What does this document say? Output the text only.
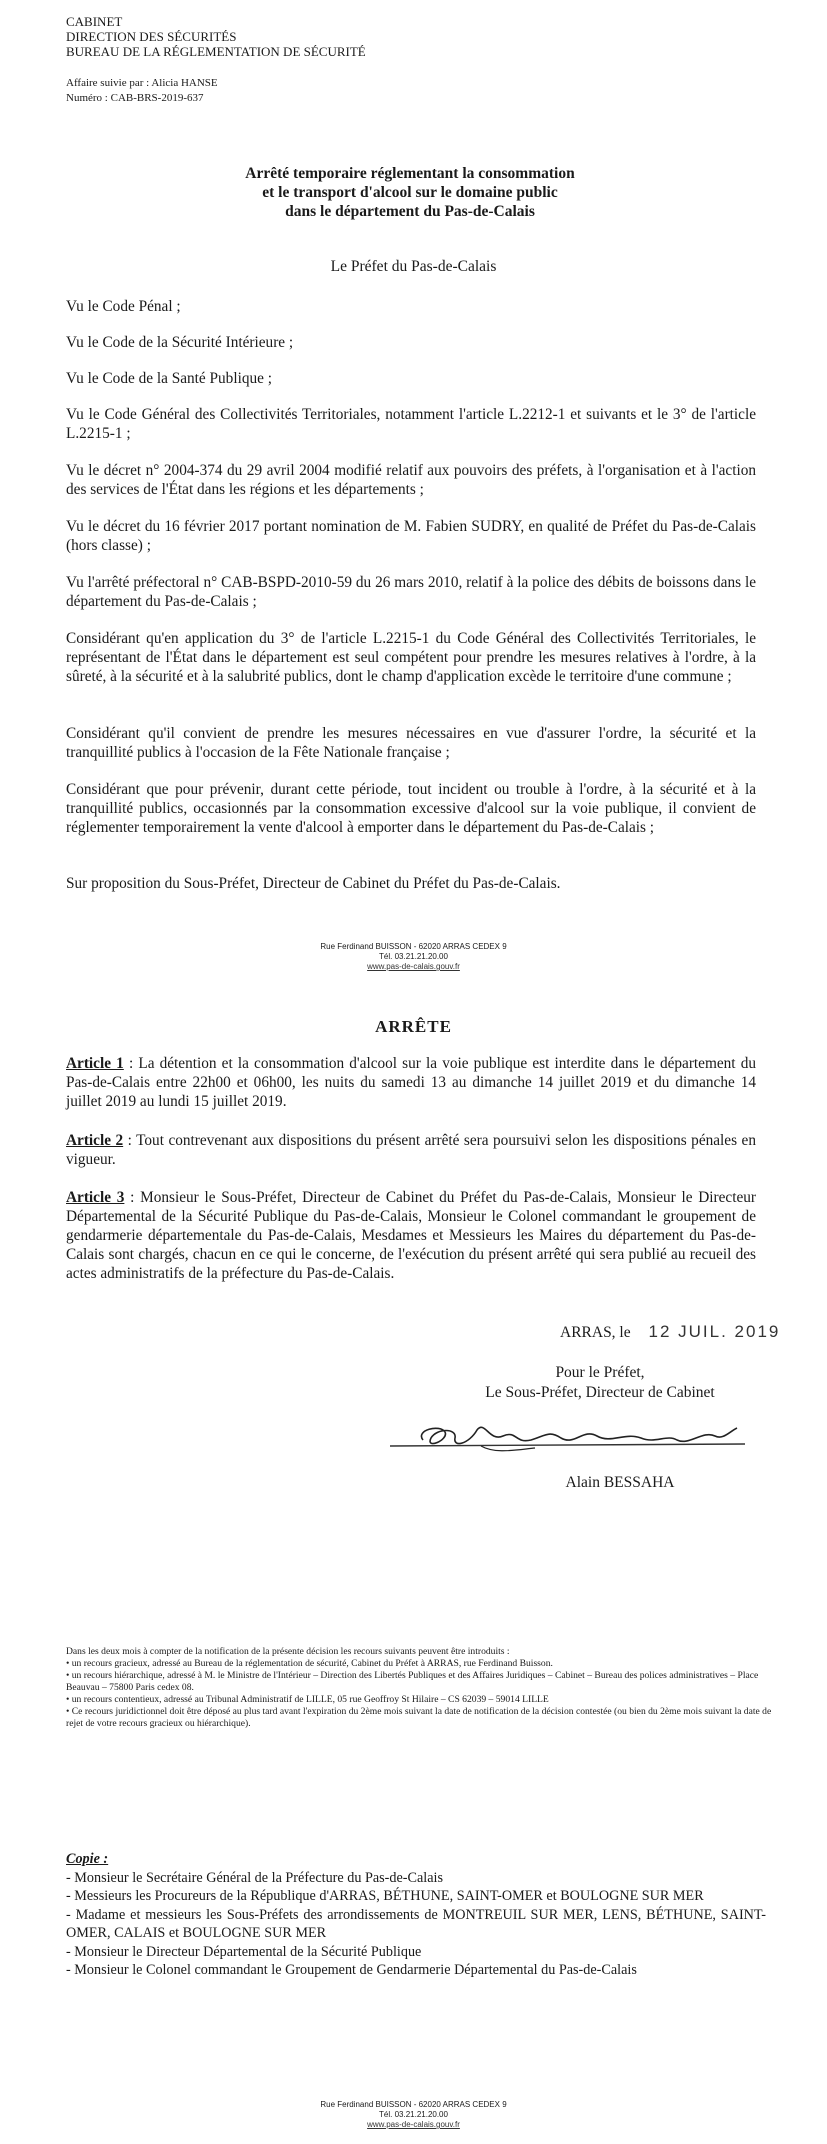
CABINET
DIRECTION DES SÉCURITÉS
BUREAU DE LA RÉGLEMENTATION DE SÉCURITÉ
Affaire suivie par : Alicia HANSE
Numéro : CAB-BRS-2019-637
Arrêté temporaire réglementant la consommation
et le transport d'alcool sur le domaine public
dans le département du Pas-de-Calais
Le Préfet du Pas-de-Calais
Vu le Code Pénal ;
Vu le Code de la Sécurité Intérieure ;
Vu le Code de la Santé Publique ;
Vu le Code Général des Collectivités Territoriales, notamment l'article L.2212-1 et suivants et le 3° de l'article L.2215-1 ;
Vu le décret n° 2004-374 du 29 avril 2004 modifié relatif aux pouvoirs des préfets, à l'organisation et à l'action des services de l'État dans les régions et les départements ;
Vu le décret du 16 février 2017 portant nomination de M. Fabien SUDRY, en qualité de Préfet du Pas-de-Calais (hors classe) ;
Vu l'arrêté préfectoral n° CAB-BSPD-2010-59 du 26 mars 2010, relatif à la police des débits de boissons dans le département du Pas-de-Calais ;
Considérant qu'en application du 3° de l'article L.2215-1 du Code Général des Collectivités Territoriales, le représentant de l'État dans le département est seul compétent pour prendre les mesures relatives à l'ordre, à la sûreté, à la sécurité et à la salubrité publics, dont le champ d'application excède le territoire d'une commune ;
Considérant qu'il convient de prendre les mesures nécessaires en vue d'assurer l'ordre, la sécurité et la tranquillité publics à l'occasion de la Fête Nationale française ;
Considérant que pour prévenir, durant cette période, tout incident ou trouble à l'ordre, à la sécurité et à la tranquillité publics, occasionnés par la consommation excessive d'alcool sur la voie publique, il convient de réglementer temporairement la vente d'alcool à emporter dans le département du Pas-de-Calais ;
Sur proposition du Sous-Préfet, Directeur de Cabinet du Préfet du Pas-de-Calais.
Rue Ferdinand BUISSON - 62020 ARRAS CEDEX 9
Tél. 03.21.21.20.00
www.pas-de-calais.gouv.fr
ARRÊTE
Article 1 : La détention et la consommation d'alcool sur la voie publique est interdite dans le département du Pas-de-Calais entre 22h00 et 06h00, les nuits du samedi 13 au dimanche 14 juillet 2019 et du dimanche 14 juillet 2019 au lundi 15 juillet 2019.
Article 2 : Tout contrevenant aux dispositions du présent arrêté sera poursuivi selon les dispositions pénales en vigueur.
Article 3 : Monsieur le Sous-Préfet, Directeur de Cabinet du Préfet du Pas-de-Calais, Monsieur le Directeur Départemental de la Sécurité Publique du Pas-de-Calais, Monsieur le Colonel commandant le groupement de gendarmerie départementale du Pas-de-Calais, Mesdames et Messieurs les Maires du département du Pas-de-Calais sont chargés, chacun en ce qui le concerne, de l'exécution du présent arrêté qui sera publié au recueil des actes administratifs de la préfecture du Pas-de-Calais.
ARRAS, le 12 JUIL. 2019
Pour le Préfet,
Le Sous-Préfet, Directeur de Cabinet
Alain BESSAHA
Dans les deux mois à compter de la notification de la présente décision les recours suivants peuvent être introduits :
• un recours gracieux, adressé au Bureau de la réglementation de sécurité, Cabinet du Préfet à ARRAS, rue Ferdinand Buisson.
• un recours hiérarchique, adressé à M. le Ministre de l'Intérieur – Direction des Libertés Publiques et des Affaires Juridiques – Cabinet – Bureau des polices administratives – Place Beauvau – 75800 Paris cedex 08.
• un recours contentieux, adressé au Tribunal Administratif de LILLE, 05 rue Geoffroy St Hilaire – CS 62039 – 59014 LILLE
• Ce recours juridictionnel doit être déposé au plus tard avant l'expiration du 2ème mois suivant la date de notification de la décision contestée (ou bien du 2ème mois suivant la date de rejet de votre recours gracieux ou hiérarchique).
Copie :
- Monsieur le Secrétaire Général de la Préfecture du Pas-de-Calais
- Messieurs les Procureurs de la République d'ARRAS, BÉTHUNE, SAINT-OMER et BOULOGNE SUR MER
- Madame et messieurs les Sous-Préfets des arrondissements de MONTREUIL SUR MER, LENS, BÉTHUNE, SAINT-OMER, CALAIS et BOULOGNE SUR MER
- Monsieur le Directeur Départemental de la Sécurité Publique
- Monsieur le Colonel commandant le Groupement de Gendarmerie Départemental du Pas-de-Calais
Rue Ferdinand BUISSON - 62020 ARRAS CEDEX 9
Tél. 03.21.21.20.00
www.pas-de-calais.gouv.fr
